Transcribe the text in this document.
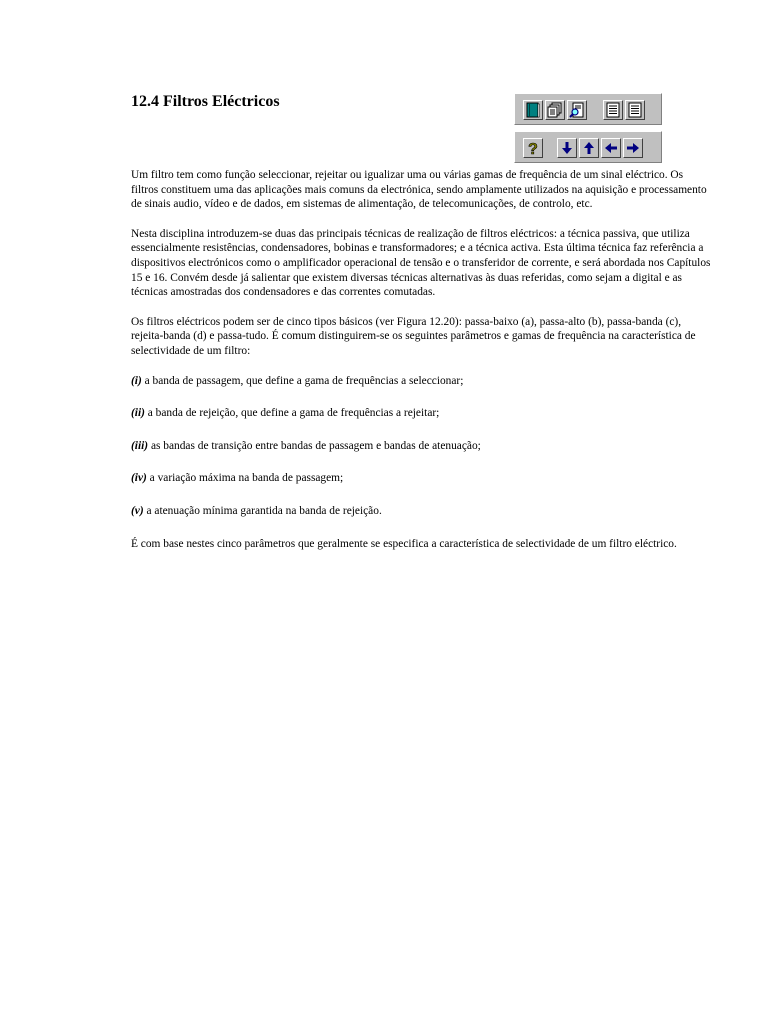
12.4 Filtros Eléctricos
?

Um filtro tem como função seleccionar, rejeitar ou igualizar uma ou várias gamas de frequência de um sinal eléctrico. Os filtros constituem uma das aplicações mais comuns da electrónica, sendo amplamente utilizados na aquisição e processamento de sinais audio, vídeo e de dados, em sistemas de alimentação, de telecomunicações, de controlo, etc.

Nesta disciplina introduzem-se duas das principais técnicas de realização de filtros eléctricos: a técnica passiva, que utiliza essencialmente resistências, condensadores, bobinas e transformadores; e a técnica activa. Esta última técnica faz referência a dispositivos electrónicos como o amplificador operacional de tensão e o transferidor de corrente, e será abordada nos Capítulos 15 e 16. Convém desde já salientar que existem diversas técnicas alternativas às duas referidas, como sejam a digital e as técnicas amostradas dos condensadores e das correntes comutadas.

Os filtros eléctricos podem ser de cinco tipos básicos (ver Figura 12.20): passa-baixo (a), passa-alto (b), passa-banda (c), rejeita-banda (d) e passa-tudo. É comum distinguirem-se os seguintes parâmetros e gamas de frequência na característica de selectividade de um filtro:

(i) a banda de passagem, que define a gama de frequências a seleccionar;

(ii) a banda de rejeição, que define a gama de frequências a rejeitar;

(iii) as bandas de transição entre bandas de passagem e bandas de atenuação;

(iv) a variação máxima na banda de passagem;

(v) a atenuação mínima garantida na banda de rejeição.

É com base nestes cinco parâmetros que geralmente se especifica a característica de selectividade de um filtro eléctrico.
